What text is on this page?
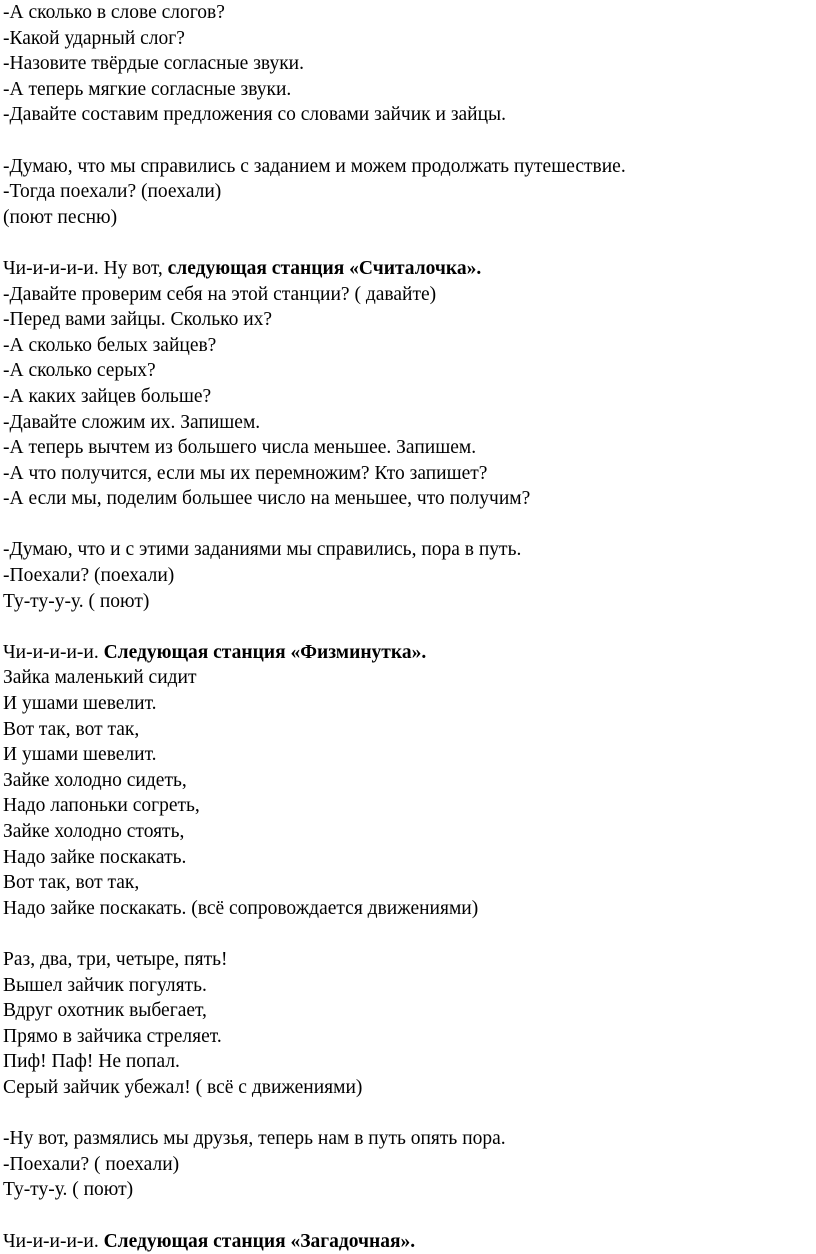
-А сколько в слове слогов?
-Какой ударный слог?
-Назовите твёрдые согласные звуки.
-А теперь мягкие согласные звуки.
-Давайте составим предложения со словами зайчик и зайцы.
-Думаю, что мы справились с заданием и можем продолжать путешествие.
-Тогда поехали? (поехали)
(поют песню)
Чи-и-и-и-и. Ну вот, следующая станция «Считалочка».
-Давайте проверим себя на этой станции? ( давайте)
-Перед вами зайцы. Сколько их?
-А сколько белых зайцев?
-А сколько серых?
-А каких зайцев больше?
-Давайте сложим их. Запишем.
-А теперь вычтем из большего числа меньшее. Запишем.
-А что получится, если мы их перемножим? Кто запишет?
-А если мы, поделим большее число на меньшее, что получим?
-Думаю, что и с этими заданиями мы справились, пора в путь.
-Поехали? (поехали)
Ту-ту-у-у. ( поют)
Чи-и-и-и-и. Следующая станция «Физминутка».
Зайка маленький сидит
И ушами шевелит.
Вот так, вот так,
И ушами шевелит.
Зайке холодно сидеть,
Надо лапоньки согреть,
Зайке холодно стоять,
Надо зайке поскакать.
Вот так, вот так,
Надо зайке поскакать. (всё сопровождается движениями)
Раз, два, три, четыре, пять!
Вышел зайчик погулять.
Вдруг охотник выбегает,
Прямо в зайчика стреляет.
Пиф! Паф! Не попал.
Серый зайчик убежал! ( всё с движениями)
-Ну вот, размялись мы друзья, теперь нам в путь опять пора.
-Поехали? ( поехали)
Ту-ту-у. ( поют)
Чи-и-и-и-и. Следующая станция «Загадочная».
